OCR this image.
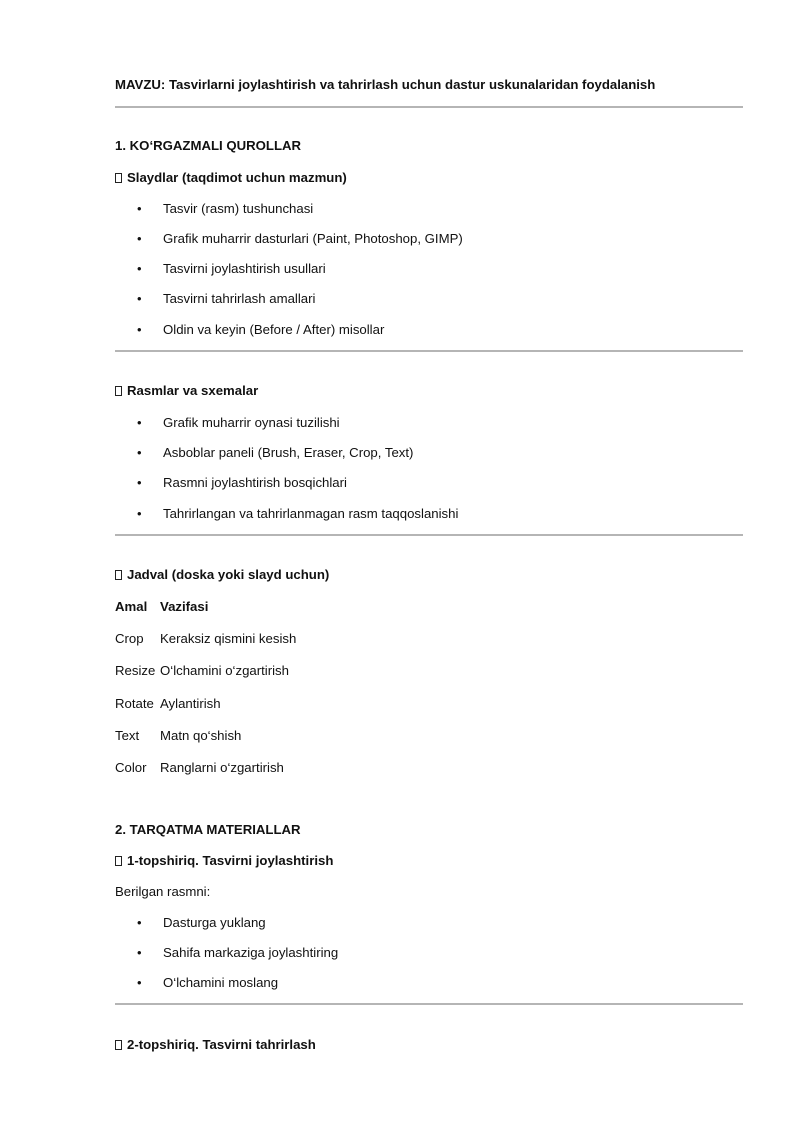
MAVZU: Tasvirlarni joylashtirish va tahrirlash uchun dastur uskunalaridan foydalanish
1. KO‘RGAZMALI QUROLLAR
Slaydlar (taqdimot uchun mazmun)
• Tasvir (rasm) tushunchasi
• Grafik muharrir dasturlari (Paint, Photoshop, GIMP)
• Tasvirni joylashtirish usullari
• Tasvirni tahrirlash amallari
• Oldin va keyin (Before / After) misollar
Rasmlar va sxemalar
• Grafik muharrir oynasi tuzilishi
• Asboblar paneli (Brush, Eraser, Crop, Text)
• Rasmni joylashtirish bosqichlari
• Tahrirlangan va tahrirlanmagan rasm taqqoslanishi
Jadval (doska yoki slayd uchun)
Amal Vazifasi
Crop Keraksiz qismini kesish
Resize O‘lchamini o‘zgartirish
Rotate Aylantirish
Text Matn qo‘shish
Color Ranglarni o‘zgartirish
2. TARQATMA MATERIALLAR
1-topshiriq. Tasvirni joylashtirish
Berilgan rasmni:
• Dasturga yuklang
• Sahifa markaziga joylashtiring
• O‘lchamini moslang
2-topshiriq. Tasvirni tahrirlash
